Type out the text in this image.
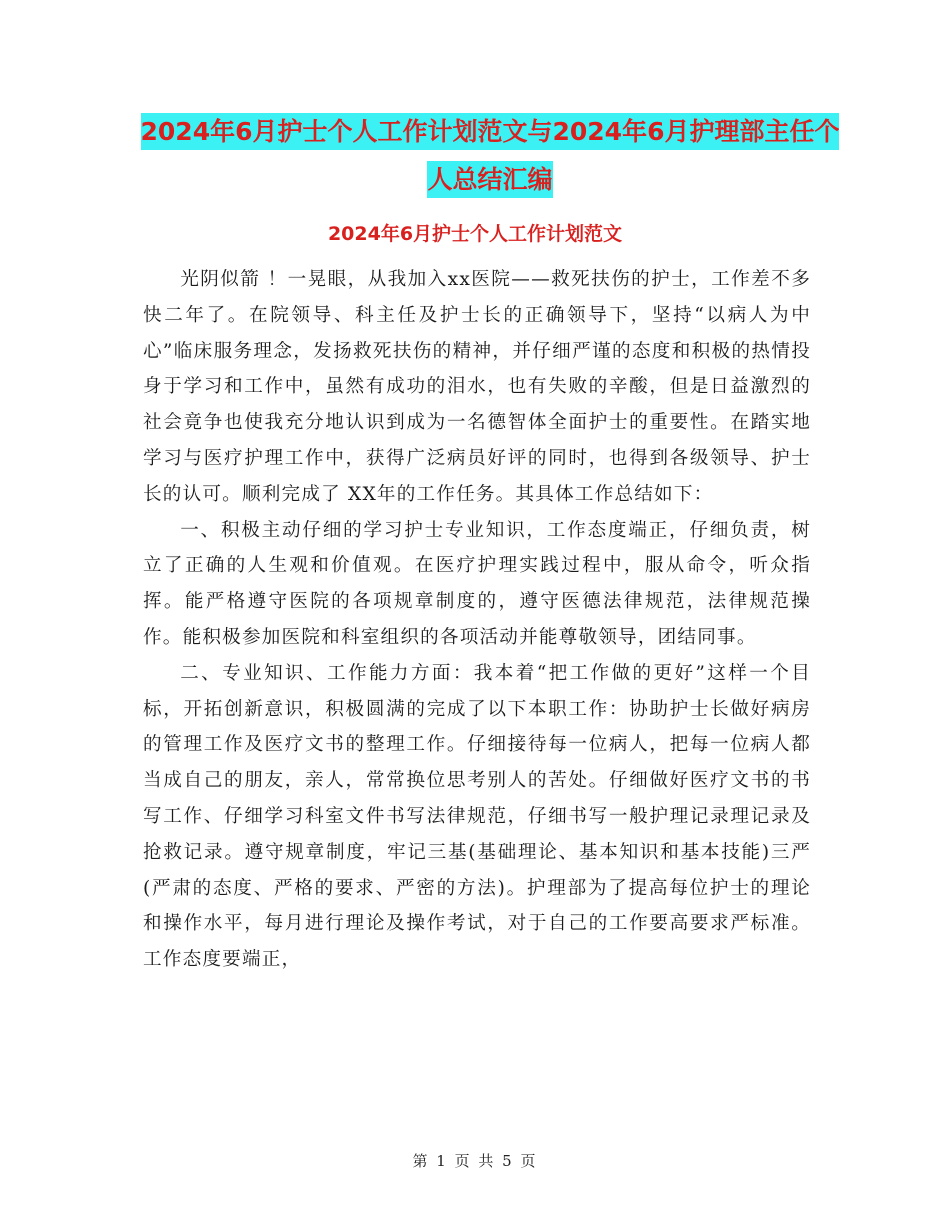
2024年6月护士个人工作计划范文与2024年6月护理部主任个人总结汇编
2024年6月护士个人工作计划范文

光阴似箭 ！一晃眼，从我加入xx医院——救死扶伤的护士，工作差不多快二年了。在院领导、科主任及护士长的正确领导下，坚持“以病人为中心”临床服务理念，发扬救死扶伤的精神，并仔细严谨的态度和积极的热情投身于学习和工作中，虽然有成功的泪水，也有失败的辛酸，但是日益激烈的社会竟争也使我充分地认识到成为一名德智体全面护士的重要性。在踏实地学习与医疗护理工作中，获得广泛病员好评的同时，也得到各级领导、护士长的认可。顺利完成了 XX年的工作任务。其具体工作总结如下：

一、积极主动仔细的学习护士专业知识，工作态度端正，仔细负责，树立了正确的人生观和价值观。在医疗护理实践过程中，服从命令，听众指挥。能严格遵守医院的各项规章制度的，遵守医德法律规范，法律规范操作。能积极参加医院和科室组织的各项活动并能尊敬领导，团结同事。

二、专业知识、工作能力方面：我本着“把工作做的更好”这样一个目标，开拓创新意识，积极圆满的完成了以下本职工作：协助护士长做好病房的管理工作及医疗文书的整理工作。仔细接待每一位病人，把每一位病人都当成自己的朋友，亲人，常常换位思考别人的苦处。仔细做好医疗文书的书写工作、仔细学习科室文件书写法律规范，仔细书写一般护理记录理记录及抢救记录。遵守规章制度，牢记三基(基础理论、基本知识和基本技能)三严(严肃的态度、严格的要求、严密的方法)。护理部为了提高每位护士的理论和操作水平，每月进行理论及操作考试，对于自己的工作要高要求严标准。工作态度要端正，

第 1 页 共 5 页
